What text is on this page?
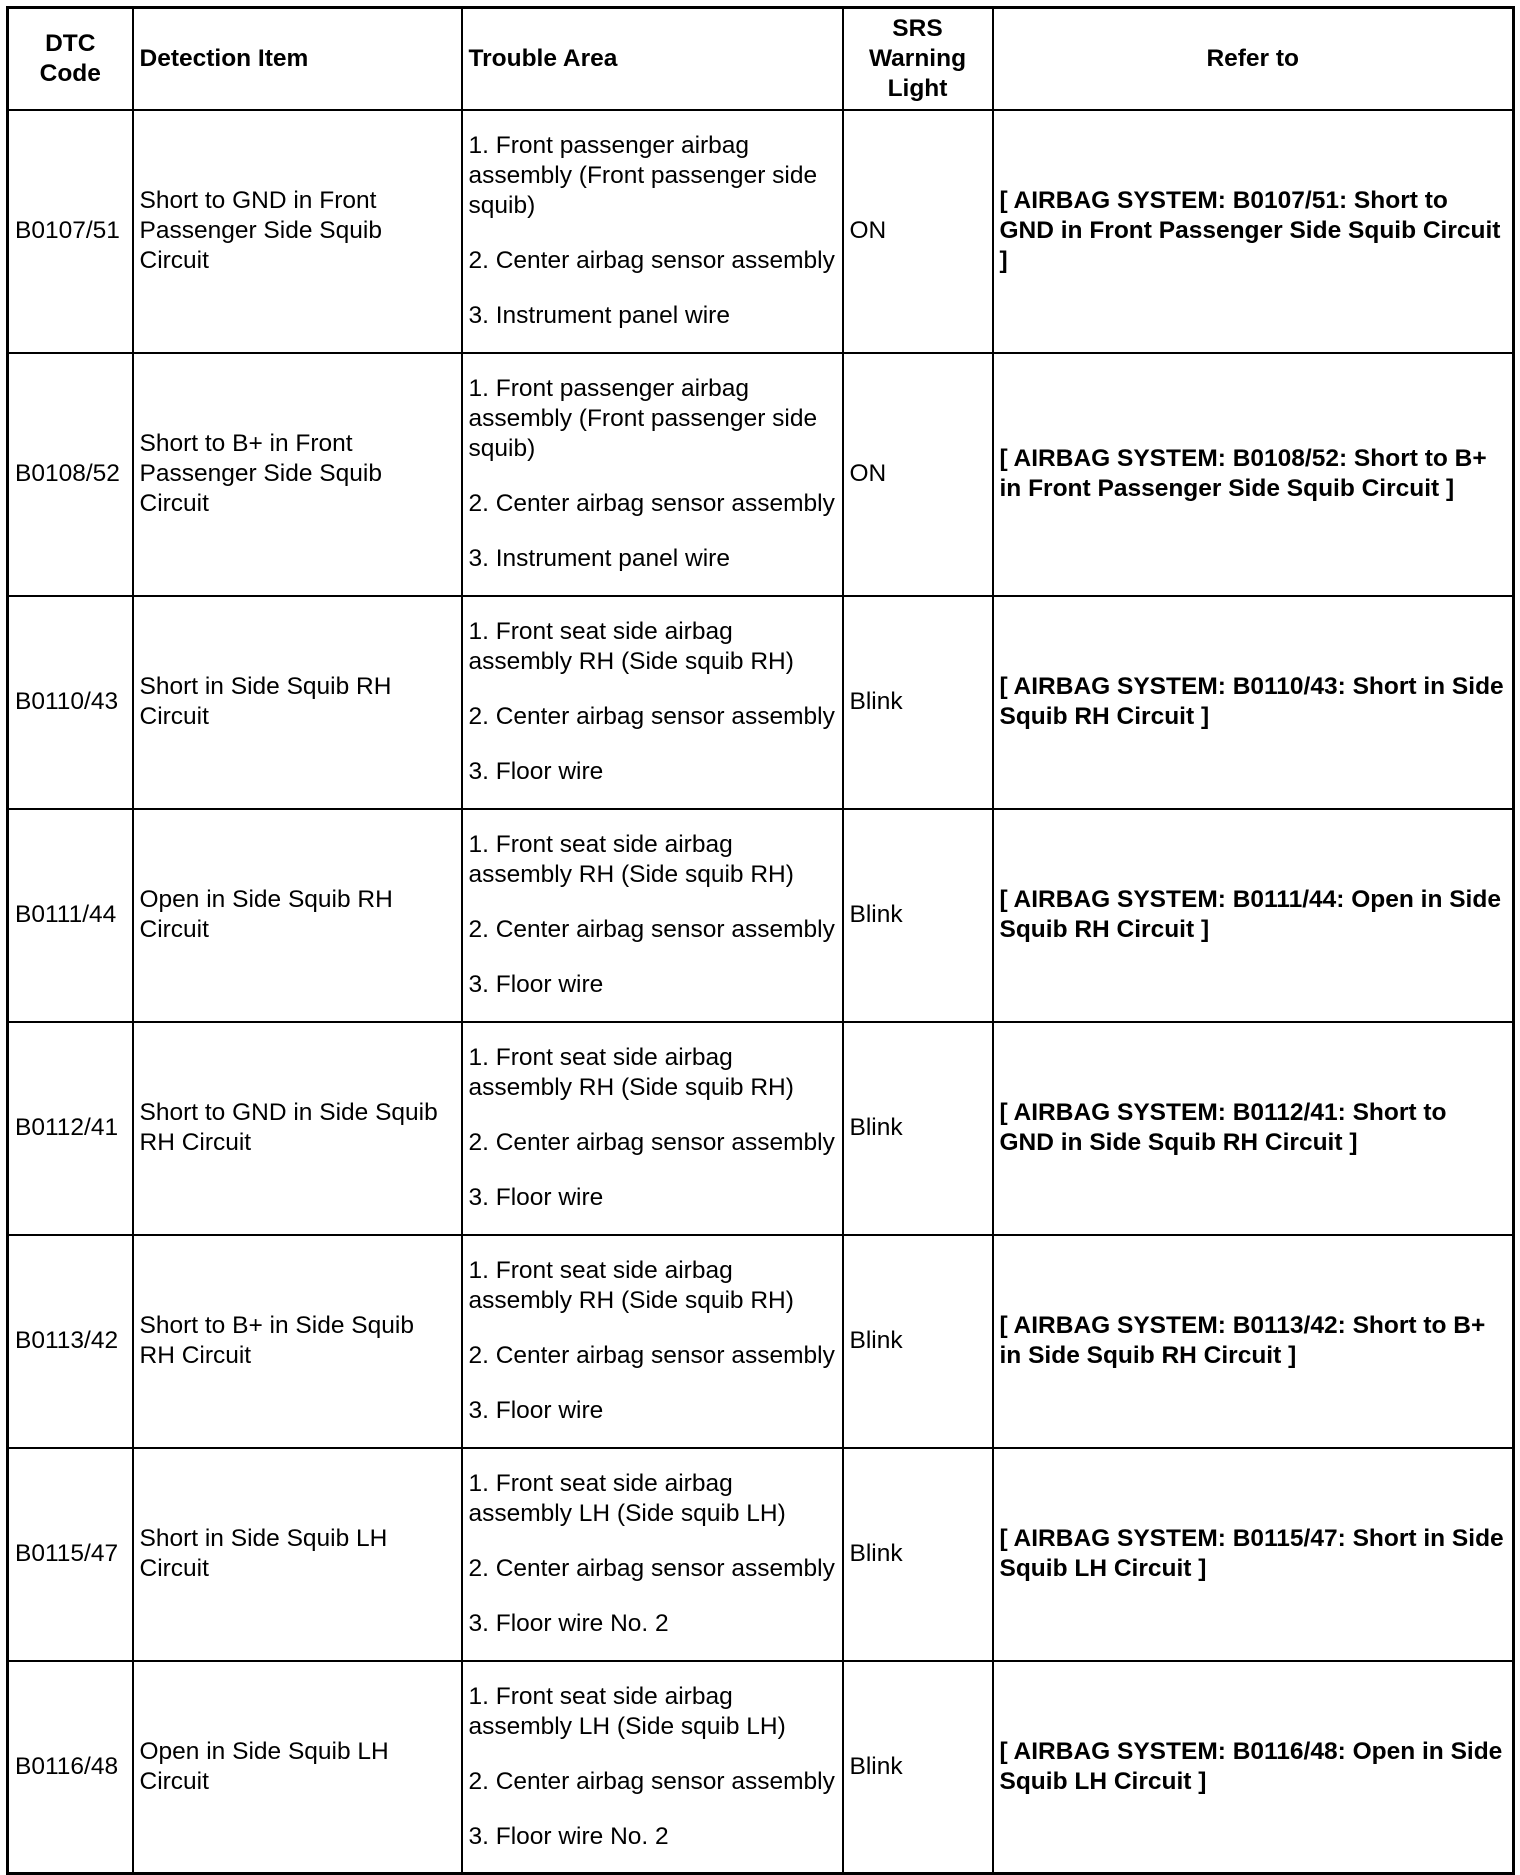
DTC Code	Detection Item	Trouble Area	SRS Warning Light	Refer to
B0107/51	Short to GND in Front Passenger Side Squib Circuit	1. Front passenger airbag assembly (Front passenger side squib)
2. Center airbag sensor assembly
3. Instrument panel wire	ON	[ AIRBAG SYSTEM: B0107/51: Short to GND in Front Passenger Side Squib Circuit ]
B0108/52	Short to B+ in Front Passenger Side Squib Circuit	1. Front passenger airbag assembly (Front passenger side squib)
2. Center airbag sensor assembly
3. Instrument panel wire	ON	[ AIRBAG SYSTEM: B0108/52: Short to B+ in Front Passenger Side Squib Circuit ]
B0110/43	Short in Side Squib RH Circuit	1. Front seat side airbag assembly RH (Side squib RH)
2. Center airbag sensor assembly
3. Floor wire	Blink	[ AIRBAG SYSTEM: B0110/43: Short in Side Squib RH Circuit ]
B0111/44	Open in Side Squib RH Circuit	1. Front seat side airbag assembly RH (Side squib RH)
2. Center airbag sensor assembly
3. Floor wire	Blink	[ AIRBAG SYSTEM: B0111/44: Open in Side Squib RH Circuit ]
B0112/41	Short to GND in Side Squib RH Circuit	1. Front seat side airbag assembly RH (Side squib RH)
2. Center airbag sensor assembly
3. Floor wire	Blink	[ AIRBAG SYSTEM: B0112/41: Short to GND in Side Squib RH Circuit ]
B0113/42	Short to B+ in Side Squib RH Circuit	1. Front seat side airbag assembly RH (Side squib RH)
2. Center airbag sensor assembly
3. Floor wire	Blink	[ AIRBAG SYSTEM: B0113/42: Short to B+ in Side Squib RH Circuit ]
B0115/47	Short in Side Squib LH Circuit	1. Front seat side airbag assembly LH (Side squib LH)
2. Center airbag sensor assembly
3. Floor wire No. 2	Blink	[ AIRBAG SYSTEM: B0115/47: Short in Side Squib LH Circuit ]
B0116/48	Open in Side Squib LH Circuit	1. Front seat side airbag assembly LH (Side squib LH)
2. Center airbag sensor assembly
3. Floor wire No. 2	Blink	[ AIRBAG SYSTEM: B0116/48: Open in Side Squib LH Circuit ]
